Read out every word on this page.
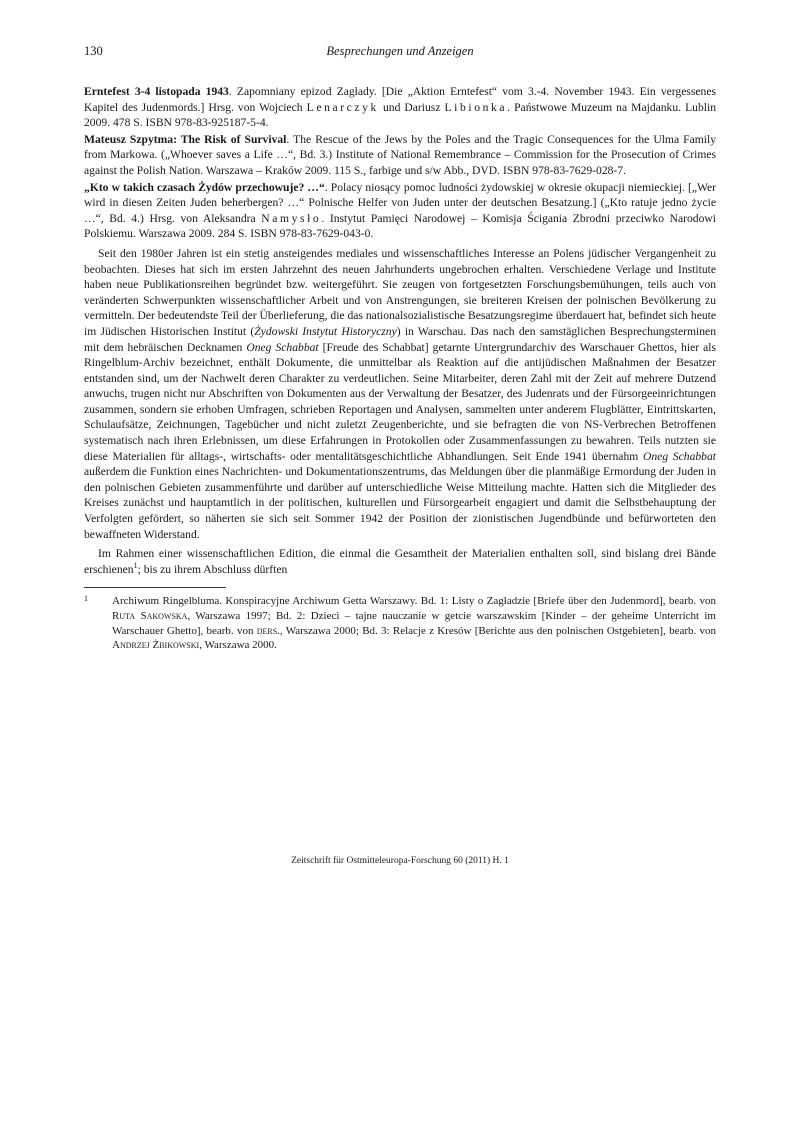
130	Besprechungen und Anzeigen
Erntefest 3-4 listopada 1943. Zapomniany epizod Zagłady. [Die „Aktion Erntefest“ vom 3.-4. November 1943. Ein vergessenes Kapitel des Judenmords.] Hrsg. von Wojciech Lenarczyk und Dariusz Libionka. Państwowe Muzeum na Majdanku. Lublin 2009. 478 S. ISBN 978-83-925187-5-4.
Mateusz Szpytma: The Risk of Survival. The Rescue of the Jews by the Poles and the Tragic Consequences for the Ulma Family from Markowa. („Whoever saves a Life …“, Bd. 3.) Institute of National Remembrance – Commission for the Prosecution of Crimes against the Polish Nation. Warszawa – Kraków 2009. 115 S., farbige und s/w Abb., DVD. ISBN 978-83-7629-028-7.
„Kto w takich czasach Żydów przechowuje? …“. Polacy niosący pomoc ludności żydowskiej w okresie okupacji niemieckiej. [„Wer wird in diesen Zeiten Juden beherbergen? …“ Polnische Helfer von Juden unter der deutschen Besatzung.] („Kto ratuje jedno życie …“, Bd. 4.) Hrsg. von Aleksandra Namysło. Instytut Pamięci Narodowej – Komisja Ścigania Zbrodni przeciwko Narodowi Polskiemu. Warszawa 2009. 284 S. ISBN 978-83-7629-043-0.

Seit den 1980er Jahren ist ein stetig ansteigendes mediales und wissenschaftliches Interesse an Polens jüdischer Vergangenheit zu beobachten. Dieses hat sich im ersten Jahrzehnt des neuen Jahrhunderts ungebrochen erhalten. Verschiedene Verlage und Institute haben neue Publikationsreihen begründet bzw. weitergeführt. Sie zeugen von fortgesetzten Forschungsbemühungen, teils auch von veränderten Schwerpunkten wissenschaftlicher Arbeit und von Anstrengungen, sie breiteren Kreisen der polnischen Bevölkerung zu vermitteln. Der bedeutendste Teil der Überlieferung, die das nationalsozialistische Besatzungsregime überdauert hat, befindet sich heute im Jüdischen Historischen Institut (Żydowski Instytut Historyczny) in Warschau. Das nach den samstäglichen Besprechungsterminen mit dem hebräischen Decknamen Oneg Schabbat [Freude des Schabbat] getarnte Untergrundarchiv des Warschauer Ghettos, hier als Ringelblum-Archiv bezeichnet, enthält Dokumente, die unmittelbar als Reaktion auf die antijüdischen Maßnahmen der Besatzer entstanden sind, um der Nachwelt deren Charakter zu verdeutlichen. Seine Mitarbeiter, deren Zahl mit der Zeit auf mehrere Dutzend anwuchs, trugen nicht nur Abschriften von Dokumenten aus der Verwaltung der Besatzer, des Judenrats und der Fürsorgeeinrichtungen zusammen, sondern sie erhoben Umfragen, schrieben Reportagen und Analysen, sammelten unter anderem Flugblätter, Eintrittskarten, Schulaufsätze, Zeichnungen, Tagebücher und nicht zuletzt Zeugenberichte, und sie befragten die von NS-Verbrechen Betroffenen systematisch nach ihren Erlebnissen, um diese Erfahrungen in Protokollen oder Zusammenfassungen zu bewahren. Teils nutzten sie diese Materialien für alltags-, wirtschafts- oder mentalitätsgeschichtliche Abhandlungen. Seit Ende 1941 übernahm Oneg Schabbat außerdem die Funktion eines Nachrichten- und Dokumentationszentrums, das Meldungen über die planmäßige Ermordung der Juden in den polnischen Gebieten zusammenführte und darüber auf unterschiedliche Weise Mitteilung machte. Hatten sich die Mitglieder des Kreises zunächst und hauptamtlich in der politischen, kulturellen und Fürsorgearbeit engagiert und damit die Selbstbehauptung der Verfolgten gefördert, so näherten sie sich seit Sommer 1942 der Position der zionistischen Jugendbünde und befürworteten den bewaffneten Widerstand.

Im Rahmen einer wissenschaftlichen Edition, die einmal die Gesamtheit der Materialien enthalten soll, sind bislang drei Bände erschienen$^1$; bis zu ihrem Abschluss dürften

1	Archiwum Ringelbluma. Konspiracyjne Archiwum Getta Warszawy. Bd. 1: Listy o Zagładzie [Briefe über den Judenmord], bearb. von Ruta Sakowska, Warszawa 1997; Bd. 2: Dzieci – tajne nauczanie w getcie warszawskim [Kinder – der geheime Unterricht im Warschauer Ghetto], bearb. von ders., Warszawa 2000; Bd. 3: Relacje z Kresów [Berichte aus den polnischen Ostgebieten], bearb. von Andrzej Żbikowski, Warszawa 2000.
Zeitschrift für Ostmitteleuropa-Forschung 60 (2011) H. 1
